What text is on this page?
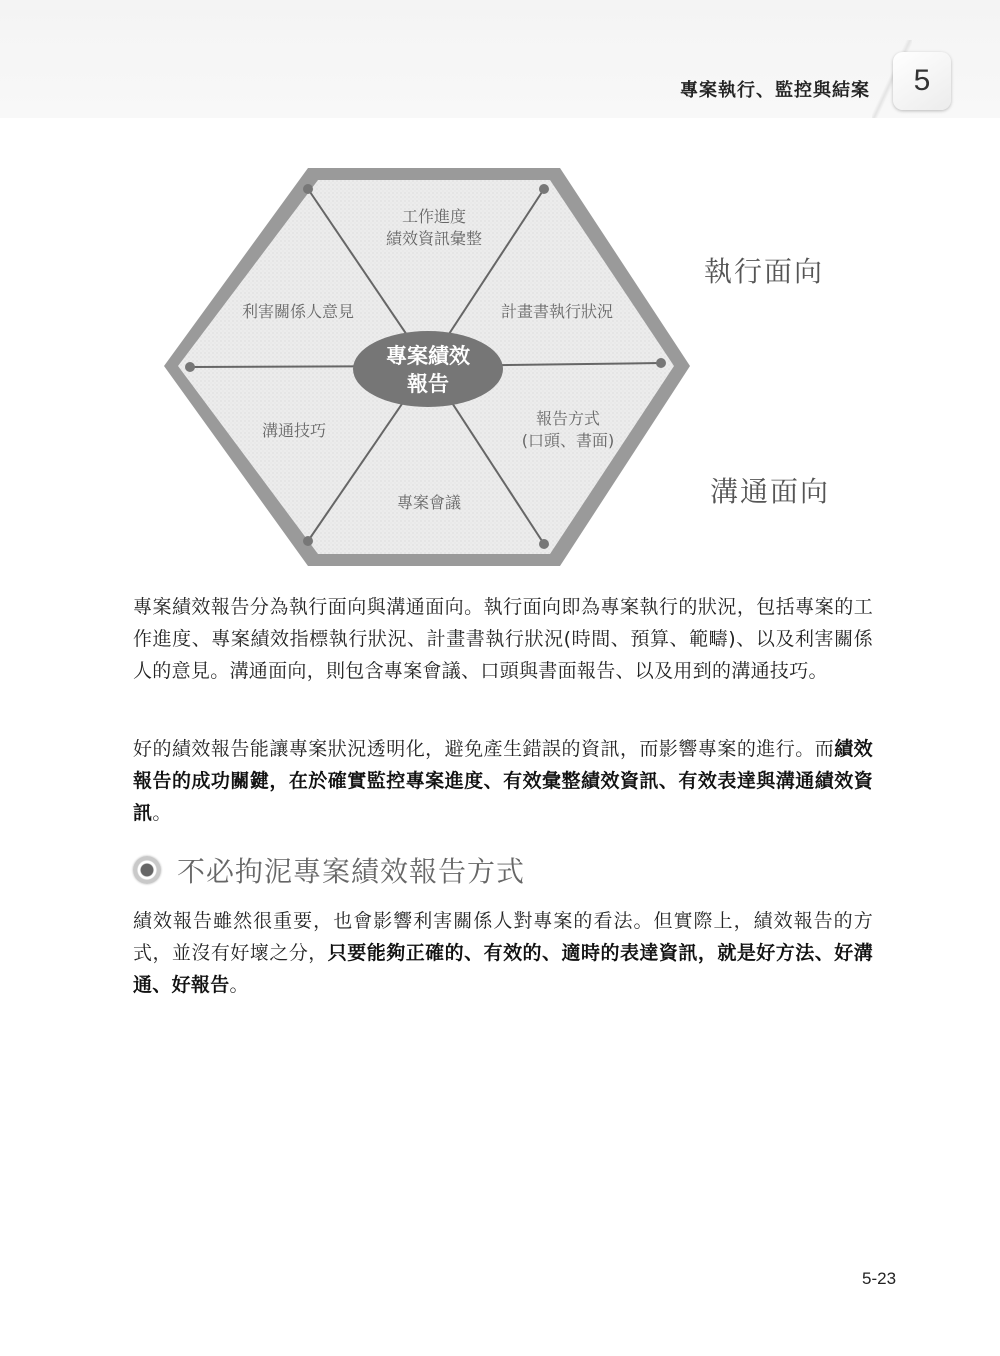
專案執行、監控與結案 5
專案績效
報告
工作進度
績效資訊彙整
利害關係人意見	計畫書執行狀況
溝通技巧
報告方式
(口頭、書面)
專案會議
執行面向
溝通面向

專案績效報告分為執行面向與溝通面向。執行面向即為專案執行的狀況，包括專案的工作進度、專案績效指標執行狀況、計畫書執行狀況(時間、預算、範疇)、以及利害關係人的意見。溝通面向，則包含專案會議、口頭與書面報告、以及用到的溝通技巧。

好的績效報告能讓專案狀況透明化，避免產生錯誤的資訊，而影響專案的進行。而績效報告的成功關鍵，在於確實監控專案進度、有效彙整績效資訊、有效表達與溝通績效資訊。

不必拘泥專案績效報告方式

績效報告雖然很重要，也會影響利害關係人對專案的看法。但實際上，績效報告的方式，並沒有好壞之分，只要能夠正確的、有效的、適時的表達資訊，就是好方法、好溝通、好報告。

5-23
